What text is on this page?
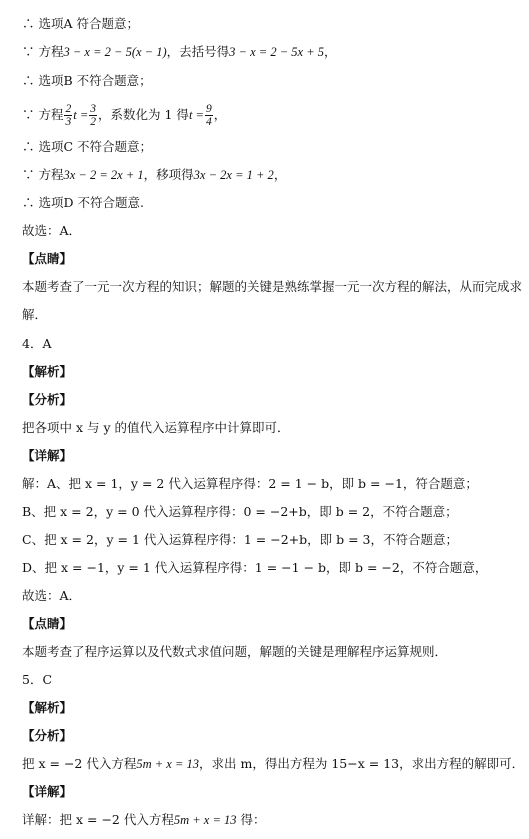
∴ 选项A 符合题意；
∵ 方程3 − x = 2 − 5(x − 1)，去括号得3 − x = 2 − 5x + 5，
∴ 选项B 不符合题意；
∵ 方程 $\frac{2}{3}$ $t = \frac{3}{2}$ ，系数化为 1 得$t = \frac{9}{4}$ ，
∴ 选项C 不符合题意；
∵ 方程3x − 2 = 2x + 1，移项得3x − 2x = 1 + 2，
∴ 选项D 不符合题意.
故选：A．
【点睛】
本题考查了一元一次方程的知识；解题的关键是熟练掌握一元一次方程的解法，从而完成求
解．
4．A
【解析】
【分析】
把各项中 x 与 y 的值代入运算程序中计算即可．
【详解】
解：A、把 x = 1，y = 2 代入运算程序得：2 = 1 − b，即 b = −1，符合题意；
B、把 x = 2，y = 0 代入运算程序得：0 = −2+b，即 b = 2，不符合题意；
C、把 x = 2，y = 1 代入运算程序得：1 = −2+b，即 b = 3，不符合题意；
D、把 x = −1，y = 1 代入运算程序得：1 = −1 − b，即 b = −2，不符合题意，
故选：A．
【点睛】
本题考查了程序运算以及代数式求值问题，解题的关键是理解程序运算规则．
5．C
【解析】
【分析】
把 x = −2 代入方程5m + x = 13，求出 m，得出方程为 15−x = 13，求出方程的解即可．
【详解】
详解：把 x = −2 代入方程5m + x = 13 得：
